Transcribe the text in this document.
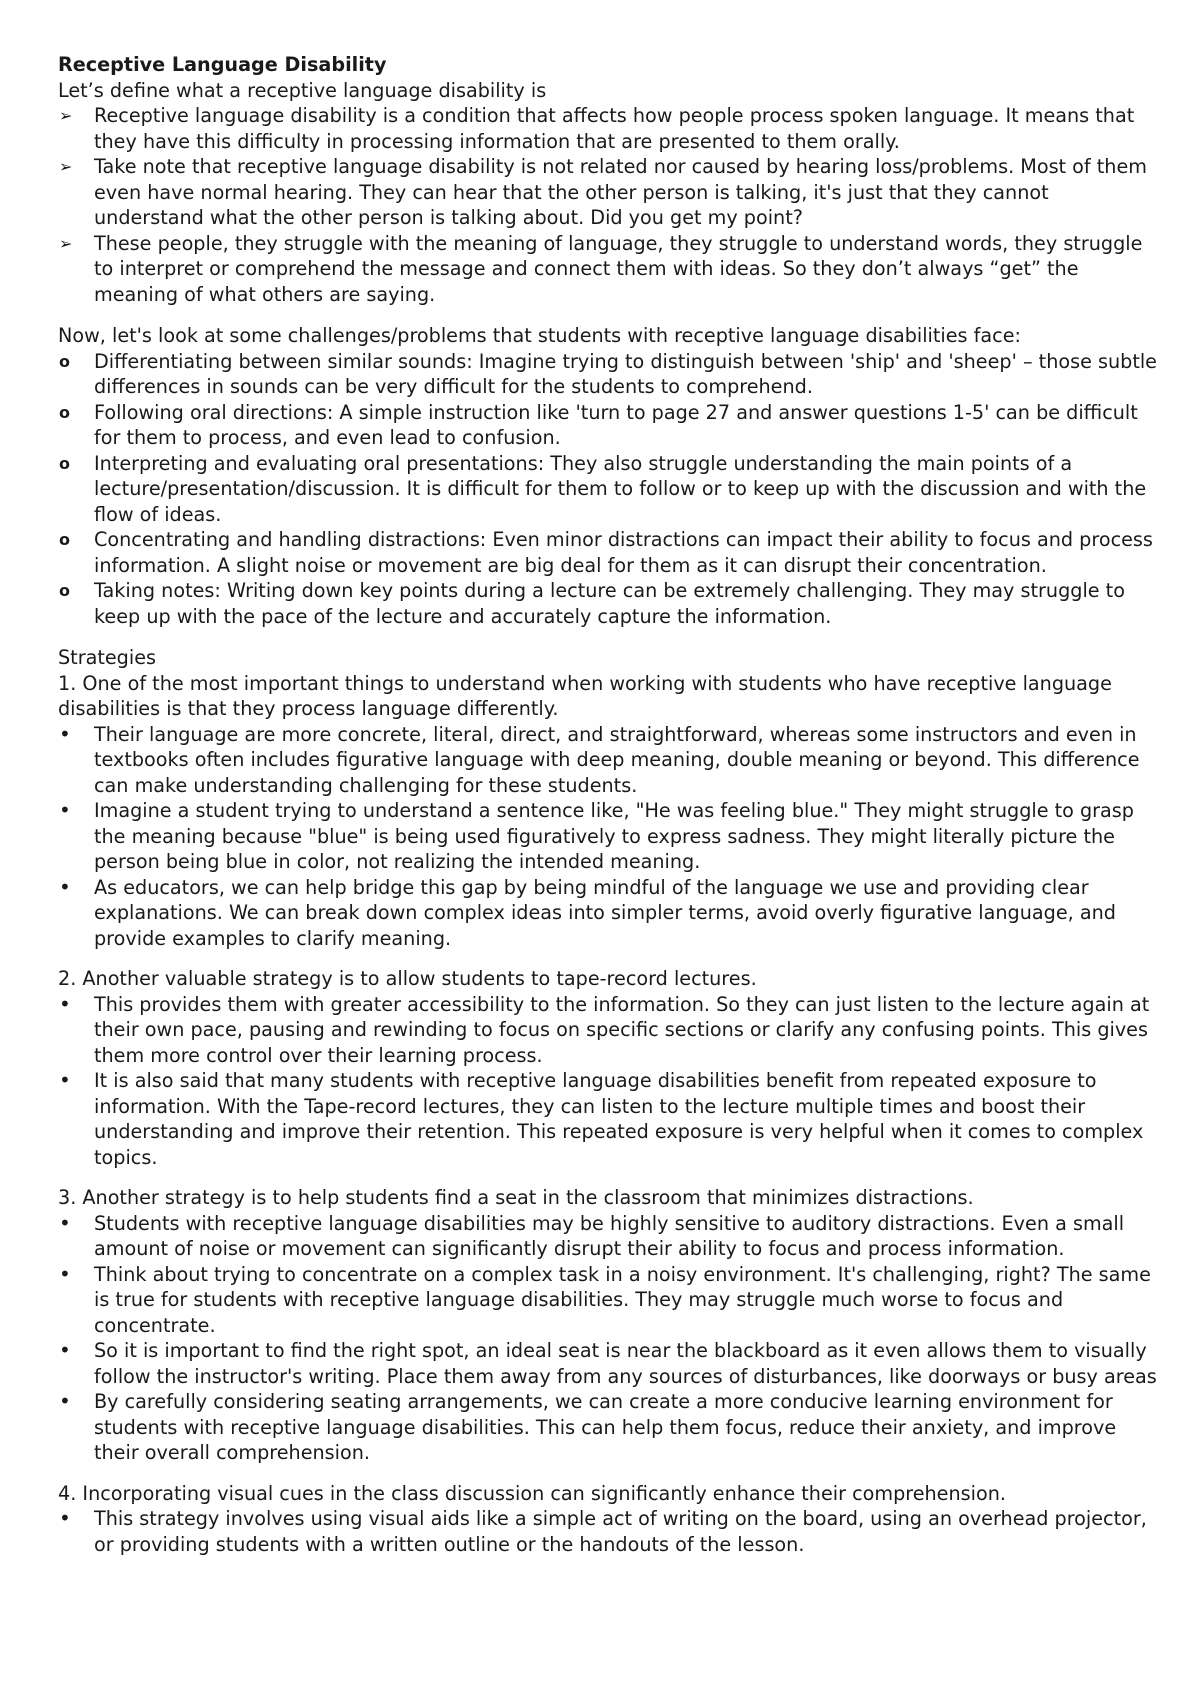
Receptive Language Disability

Let’s define what a receptive language disability is

➢ Receptive language disability is a condition that affects how people process spoken language. It means that they have this difficulty in processing information that are presented to them orally.
➢ Take note that receptive language disability is not related nor caused by hearing loss/problems. Most of them even have normal hearing. They can hear that the other person is talking, it's just that they cannot understand what the other person is talking about. Did you get my point?
➢ These people, they struggle with the meaning of language, they struggle to understand words, they struggle to interpret or comprehend the message and connect them with ideas. So they don’t always “get” the meaning of what others are saying.

Now, let's look at some challenges/problems that students with receptive language disabilities face:

o Differentiating between similar sounds: Imagine trying to distinguish between 'ship' and 'sheep' – those subtle differences in sounds can be very difficult for the students to comprehend.
o Following oral directions: A simple instruction like 'turn to page 27 and answer questions 1-5' can be difficult for them to process, and even lead to confusion.
o Interpreting and evaluating oral presentations: They also struggle understanding the main points of a lecture/presentation/discussion. It is difficult for them to follow or to keep up with the discussion and with the flow of ideas.
o Concentrating and handling distractions: Even minor distractions can impact their ability to focus and process information. A slight noise or movement are big deal for them as it can disrupt their concentration.
o Taking notes: Writing down key points during a lecture can be extremely challenging. They may struggle to keep up with the pace of the lecture and accurately capture the information.

Strategies

1. One of the most important things to understand when working with students who have receptive language disabilities is that they process language differently.

• Their language are more concrete, literal, direct, and straightforward, whereas some instructors and even in textbooks often includes figurative language with deep meaning, double meaning or beyond. This difference can make understanding challenging for these students.
• Imagine a student trying to understand a sentence like, "He was feeling blue." They might struggle to grasp the meaning because "blue" is being used figuratively to express sadness. They might literally picture the person being blue in color, not realizing the intended meaning.
• As educators, we can help bridge this gap by being mindful of the language we use and providing clear explanations. We can break down complex ideas into simpler terms, avoid overly figurative language, and provide examples to clarify meaning.

2. Another valuable strategy is to allow students to tape-record lectures.

• This provides them with greater accessibility to the information. So they can just listen to the lecture again at their own pace, pausing and rewinding to focus on specific sections or clarify any confusing points. This gives them more control over their learning process.
• It is also said that many students with receptive language disabilities benefit from repeated exposure to information. With the Tape-record lectures, they can listen to the lecture multiple times and boost their understanding and improve their retention. This repeated exposure is very helpful when it comes to complex topics.

3. Another strategy is to help students find a seat in the classroom that minimizes distractions.

• Students with receptive language disabilities may be highly sensitive to auditory distractions. Even a small amount of noise or movement can significantly disrupt their ability to focus and process information.
• Think about trying to concentrate on a complex task in a noisy environment. It's challenging, right? The same is true for students with receptive language disabilities. They may struggle much worse to focus and concentrate.
• So it is important to find the right spot, an ideal seat is near the blackboard as it even allows them to visually follow the instructor's writing. Place them away from any sources of disturbances, like doorways or busy areas
• By carefully considering seating arrangements, we can create a more conducive learning environment for students with receptive language disabilities. This can help them focus, reduce their anxiety, and improve their overall comprehension.

4. Incorporating visual cues in the class discussion can significantly enhance their comprehension.

• This strategy involves using visual aids like a simple act of writing on the board, using an overhead projector, or providing students with a written outline or the handouts of the lesson.
